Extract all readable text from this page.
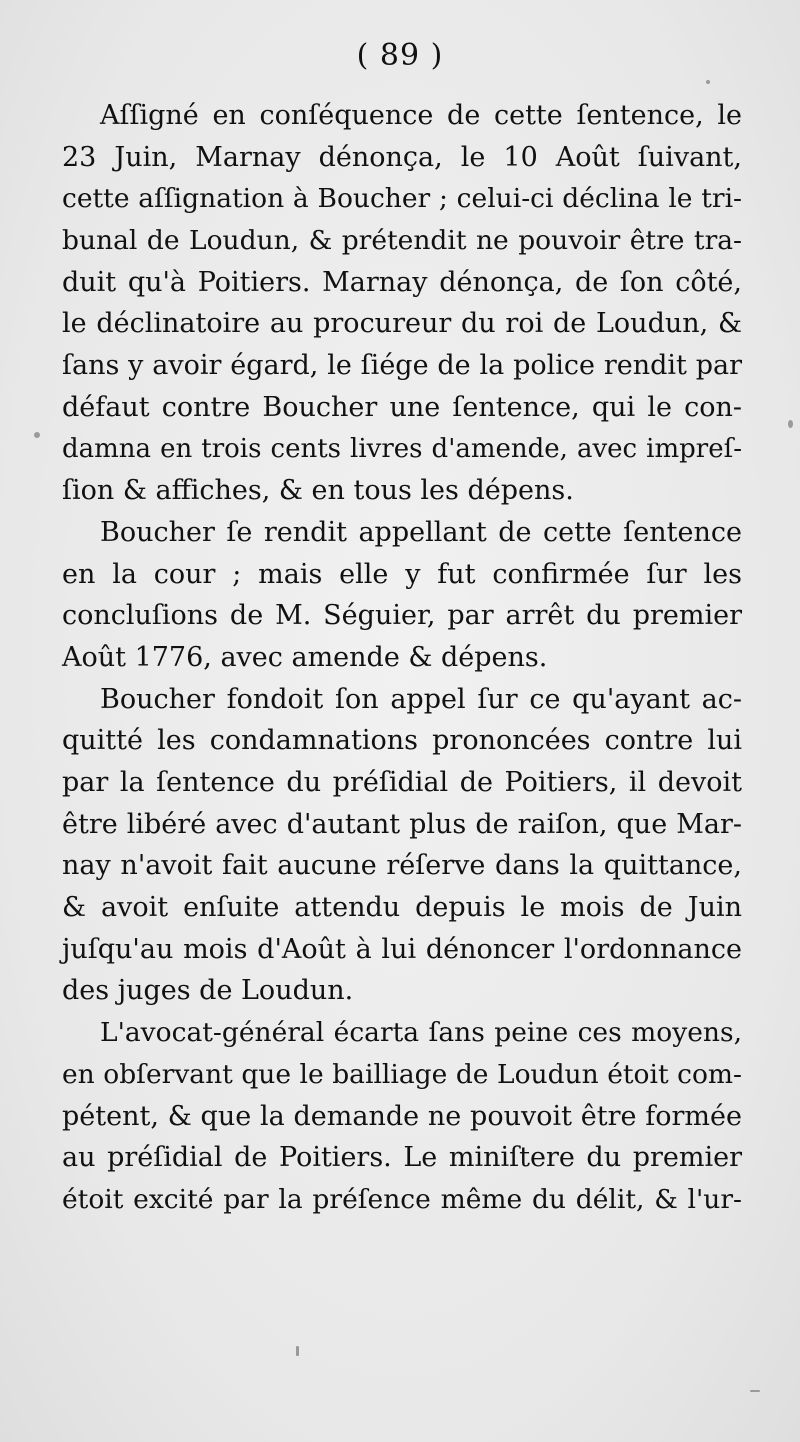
( 89 )
Aſſigné en conſéquence de cette ſentence, le
23 Juin, Marnay dénonça, le 10 Août ſuivant,
cette aſſignation à Boucher ; celui-ci déclina le tri-
bunal de Loudun, & prétendit ne pouvoir être tra-
duit qu'à Poitiers. Marnay dénonça, de ſon côté,
le déclinatoire au procureur du roi de Loudun, &
ſans y avoir égard, le ſiége de la police rendit par
défaut contre Boucher une ſentence, qui le con-
damna en trois cents livres d'amende, avec impreſ-
ſion & affiches, & en tous les dépens.
Boucher ſe rendit appellant de cette ſentence
en la cour ; mais elle y fut confirmée ſur les
concluſions de M. Séguier, par arrêt du premier
Août 1776, avec amende & dépens.
Boucher fondoit ſon appel ſur ce qu'ayant ac-
quitté les condamnations prononcées contre lui
par la ſentence du préſidial de Poitiers, il devoit
être libéré avec d'autant plus de raiſon, que Mar-
nay n'avoit fait aucune réſerve dans la quittance,
& avoit enſuite attendu depuis le mois de Juin
juſqu'au mois d'Août à lui dénoncer l'ordonnance
des juges de Loudun.
L'avocat-général écarta ſans peine ces moyens,
en obſervant que le bailliage de Loudun étoit com-
pétent, & que la demande ne pouvoit être formée
au préſidial de Poitiers. Le miniſtere du premier
étoit excité par la préſence même du délit, & l'ur-
